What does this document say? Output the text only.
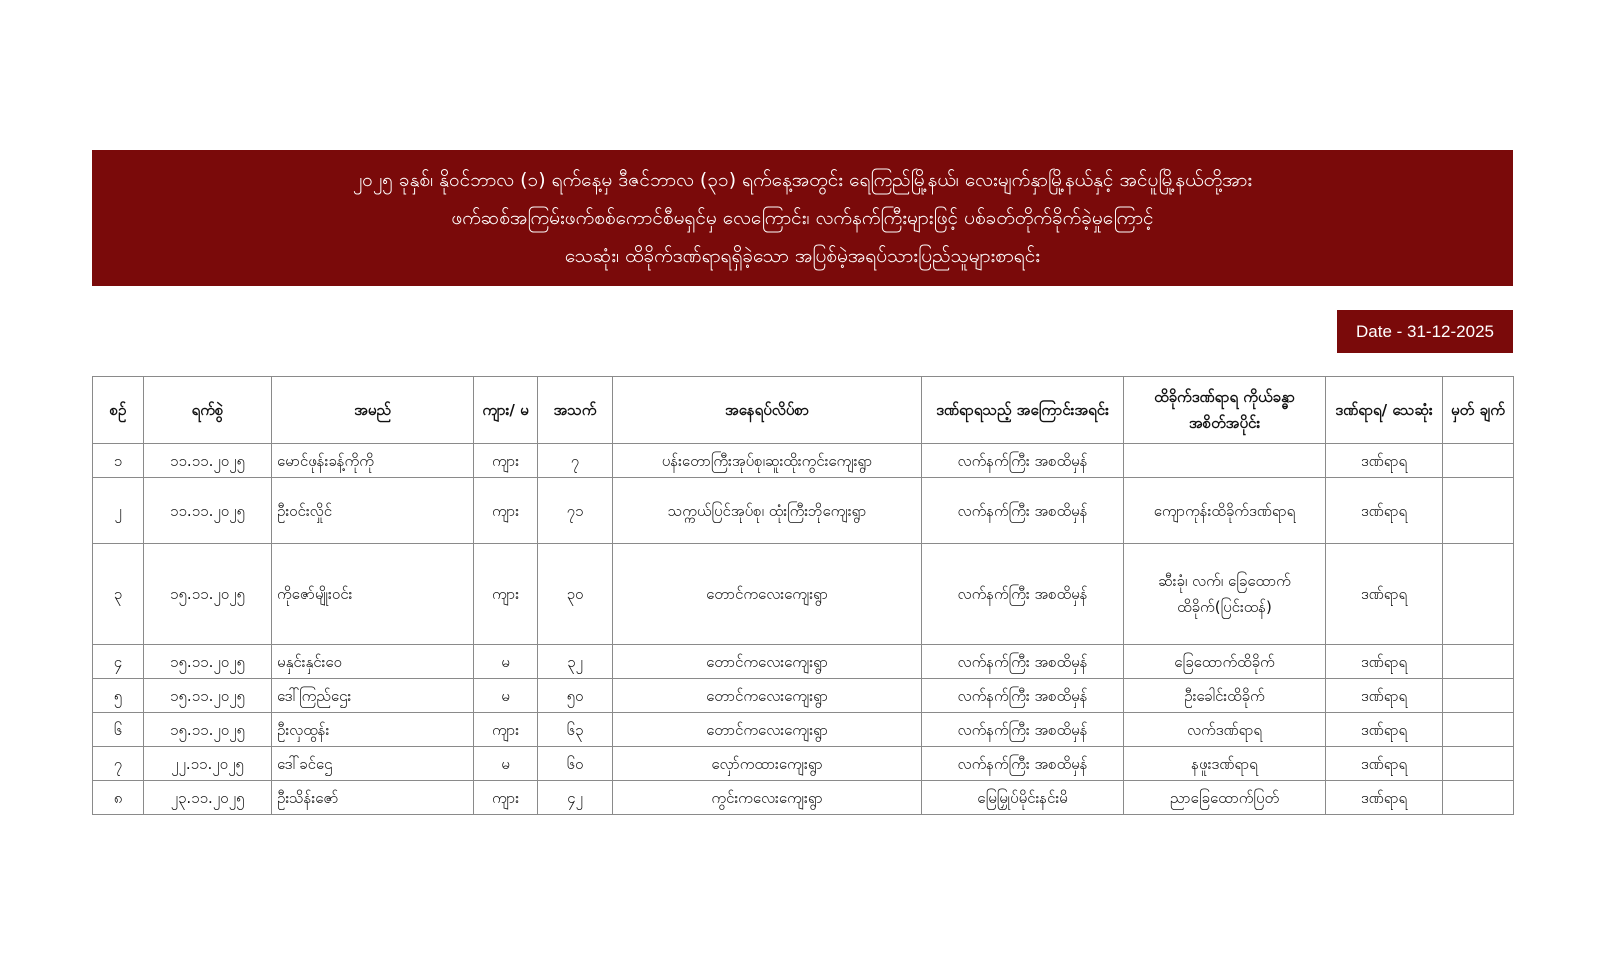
၂၀၂၅ ခုနှစ်၊ နိုဝင်ဘာလ (၁) ရက်နေ့မှ ဒီဇင်ဘာလ (၃၁) ရက်နေ့အတွင်း ရေကြည်မြို့နယ်၊ လေးမျက်နှာမြို့နယ်နှင့် အင်ပူမြို့နယ်တို့အား
ဖက်ဆစ်အကြမ်းဖက်စစ်ကောင်စီမရှင်မှ လေကြောင်း၊ လက်နက်ကြီးများဖြင့် ပစ်ခတ်တိုက်ခိုက်ခဲ့မှုကြောင့်
သေဆုံး၊ ထိခိုက်ဒဏ်ရာရရှိခဲ့သော အပြစ်မဲ့အရပ်သားပြည်သူများစာရင်း
Date - 31-12-2025
စဉ်	ရက်စွဲ	အမည်	ကျား/ မ	အသက်	အနေရပ်လိပ်စာ	ဒဏ်ရာရသည့် အကြောင်းအရင်း	ထိခိုက်ဒဏ်ရာရ ကိုယ်ခန္ဓာအစိတ်အပိုင်း	ဒဏ်ရာရ/ သေဆုံး	မှတ် ချက်
၁	၁၁.၁၁.၂၀၂၅	မောင်ဖုန်းခန့်ကိုကို	ကျား	၇	ပန်းတောကြီးအုပ်စု၊ဆူးထိုးကွင်းကျေးရွာ	လက်နက်ကြီး အစထိမှန်		ဒဏ်ရာရ	
၂	၁၁.၁၁.၂၀၂၅	ဦးဝင်းလှိုင်	ကျား	၇၁	သက္ကယ်ပြင်အုပ်စု၊ ထုံးကြီးဘိုကျေးရွာ	လက်နက်ကြီး အစထိမှန်	ကျောကုန်းထိခိုက်ဒဏ်ရာရ	ဒဏ်ရာရ	
၃	၁၅.၁၁.၂၀၂၅	ကိုဇော်မျိုးဝင်း	ကျား	၃၀	တောင်ကလေးကျေးရွာ	လက်နက်ကြီး အစထိမှန်	ဆီးခုံ၊ လက်၊ ခြေထောက်ထိခိုက်(ပြင်းထန်)	ဒဏ်ရာရ	
၄	၁၅.၁၁.၂၀၂၅	မနှင်းနှင်းဝေ	မ	၃၂	တောင်ကလေးကျေးရွာ	လက်နက်ကြီး အစထိမှန်	ခြေထောက်ထိခိုက်	ဒဏ်ရာရ	
၅	၁၅.၁၁.၂၀၂၅	ဒေါ်ကြည်ဌေး	မ	၅၀	တောင်ကလေးကျေးရွာ	လက်နက်ကြီး အစထိမှန်	ဦးခေါင်းထိခိုက်	ဒဏ်ရာရ	
၆	၁၅.၁၁.၂၀၂၅	ဦးလှထွန်း	ကျား	၆၃	တောင်ကလေးကျေးရွာ	လက်နက်ကြီး အစထိမှန်	လက်ဒဏ်ရာရ	ဒဏ်ရာရ	
၇	၂၂.၁၁.၂၀၂၅	ဒေါ်ခင်ဌေ	မ	၆၀	လှော်ကထားကျေးရွာ	လက်နက်ကြီး အစထိမှန်	နဖူးဒဏ်ရာရ	ဒဏ်ရာရ	
၈	၂၃.၁၁.၂၀၂၅	ဦးသိန်းဇော်	ကျား	၄၂	ကွင်းကလေးကျေးရွာ	မြေမြှုပ်မိုင်းနင်းမိ	ညာခြေထောက်ပြတ်	ဒဏ်ရာရ	
